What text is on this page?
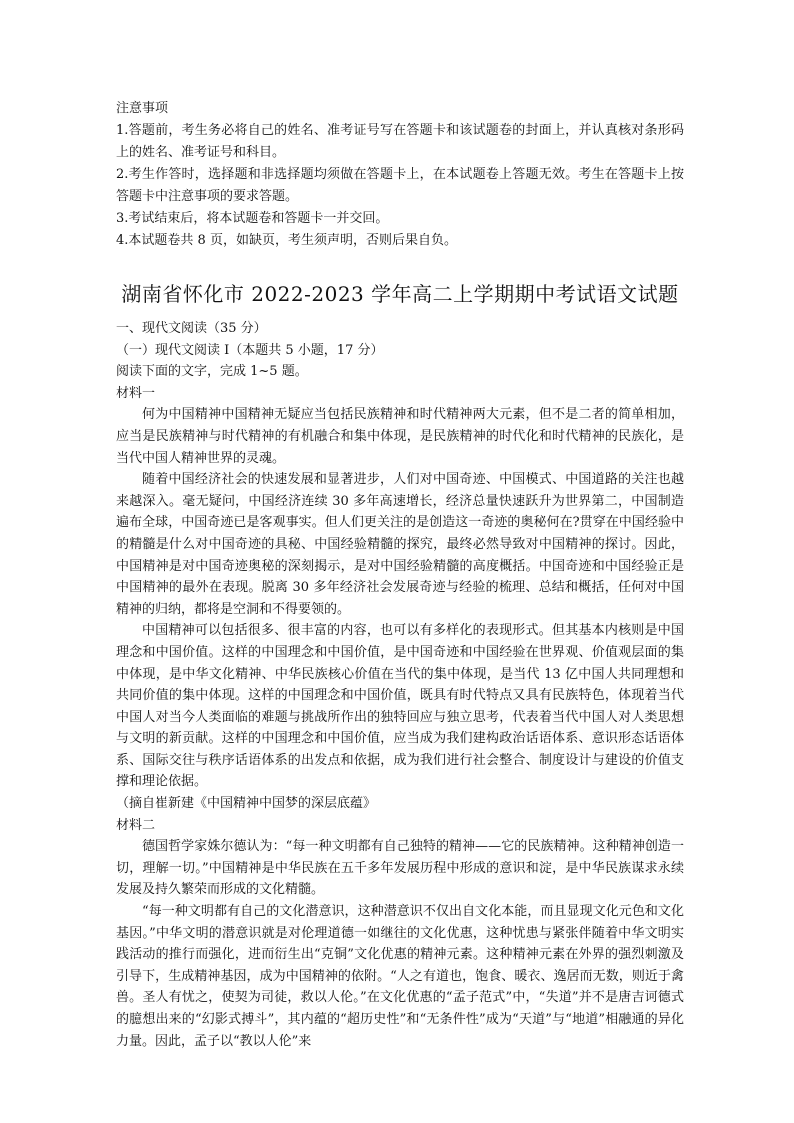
注意事项

1.答题前，考生务必将自己的姓名、准考证号写在答题卡和该试题卷的封面上，并认真核对条形码上的姓名、准考证号和科目。

2.考生作答时，选择题和非选择题均须做在答题卡上，在本试题卷上答题无效。考生在答题卡上按答题卡中注意事项的要求答题。

3.考试结束后，将本试题卷和答题卡一并交回。

4.本试题卷共 8 页，如缺页，考生须声明，否则后果自负。

湖南省怀化市 2022-2023 学年高二上学期期中考试语文试题

一、现代文阅读（35 分）

（一）现代文阅读 I（本题共 5 小题，17 分）

阅读下面的文字，完成 1~5 题。

材料一

何为中国精神中国精神无疑应当包括民族精神和时代精神两大元素，但不是二者的简单相加，应当是民族精神与时代精神的有机融合和集中体现，是民族精神的时代化和时代精神的民族化，是当代中国人精神世界的灵魂。

随着中国经济社会的快速发展和显著进步，人们对中国奇迹、中国模式、中国道路的关注也越来越深入。毫无疑问，中国经济连续 30 多年高速增长，经济总量快速跃升为世界第二，中国制造遍布全球，中国奇迹已是客观事实。但人们更关注的是创造这一奇迹的奥秘何在?贯穿在中国经验中的精髓是什么对中国奇迹的具秘、中国经验精髓的探究，最终必然导致对中国精神的探讨。因此，中国精神是对中国奇迹奥秘的深刻揭示，是对中国经验精髓的高度概括。中国奇迹和中国经验正是中国精神的最外在表现。脱离 30 多年经济社会发展奇迹与经验的梳理、总结和概括，任何对中国精神的归纳，都将是空洞和不得要领的。

中国精神可以包括很多、很丰富的内容，也可以有多样化的表现形式。但其基本内核则是中国理念和中国价值。这样的中国理念和中国价值，是中国奇迹和中国经验在世界观、价值观层面的集中体现，是中华文化精神、中华民族核心价值在当代的集中体现，是当代 13 亿中国人共同理想和共同价值的集中体现。这样的中国理念和中国价值，既具有时代特点又具有民族特色，体现着当代中国人对当今人类面临的难题与挑战所作出的独特回应与独立思考，代表着当代中国人对人类思想与文明的新贡献。这样的中国理念和中国价值，应当成为我们建构政治话语体系、意识形态话语体系、国际交往与秩序话语体系的出发点和依据，成为我们进行社会整合、制度设计与建设的价值支撑和理论依据。

（摘自崔新建《中国精神中国梦的深层底蕴》

材料二

德国哲学家姝尔德认为：“每一种文明都有自己独特的精神——它的民族精神。这种精神创造一切，理解一切。”中国精神是中华民族在五千多年发展历程中形成的意识和淀，是中华民族谋求永续发展及持久繁荣而形成的文化精髓。

“每一种文明都有自己的文化潜意识，这种潜意识不仅出自文化本能，而且显现文化元色和文化基因。”中华文明的潜意识就是对伦理道德一如继往的文化优惠，这种忧患与紧张伴随着中华文明实践活动的推行而强化，进而衍生出“克铜”文化优惠的精神元素。这种精神元素在外界的强烈刺激及引导下，生成精神基因，成为中国精神的依附。“人之有道也，饱食、暖衣、逸居而无数，则近于禽兽。圣人有忧之，使契为司徒，救以人伦。”在文化优惠的“孟子范式”中，“失道”并不是唐吉诃德式的臆想出来的“幻影式搏斗”，其内蕴的“超历史性”和“无条件性”成为“天道”与“地道”相融通的异化力量。因此，孟子以“教以人伦”来
